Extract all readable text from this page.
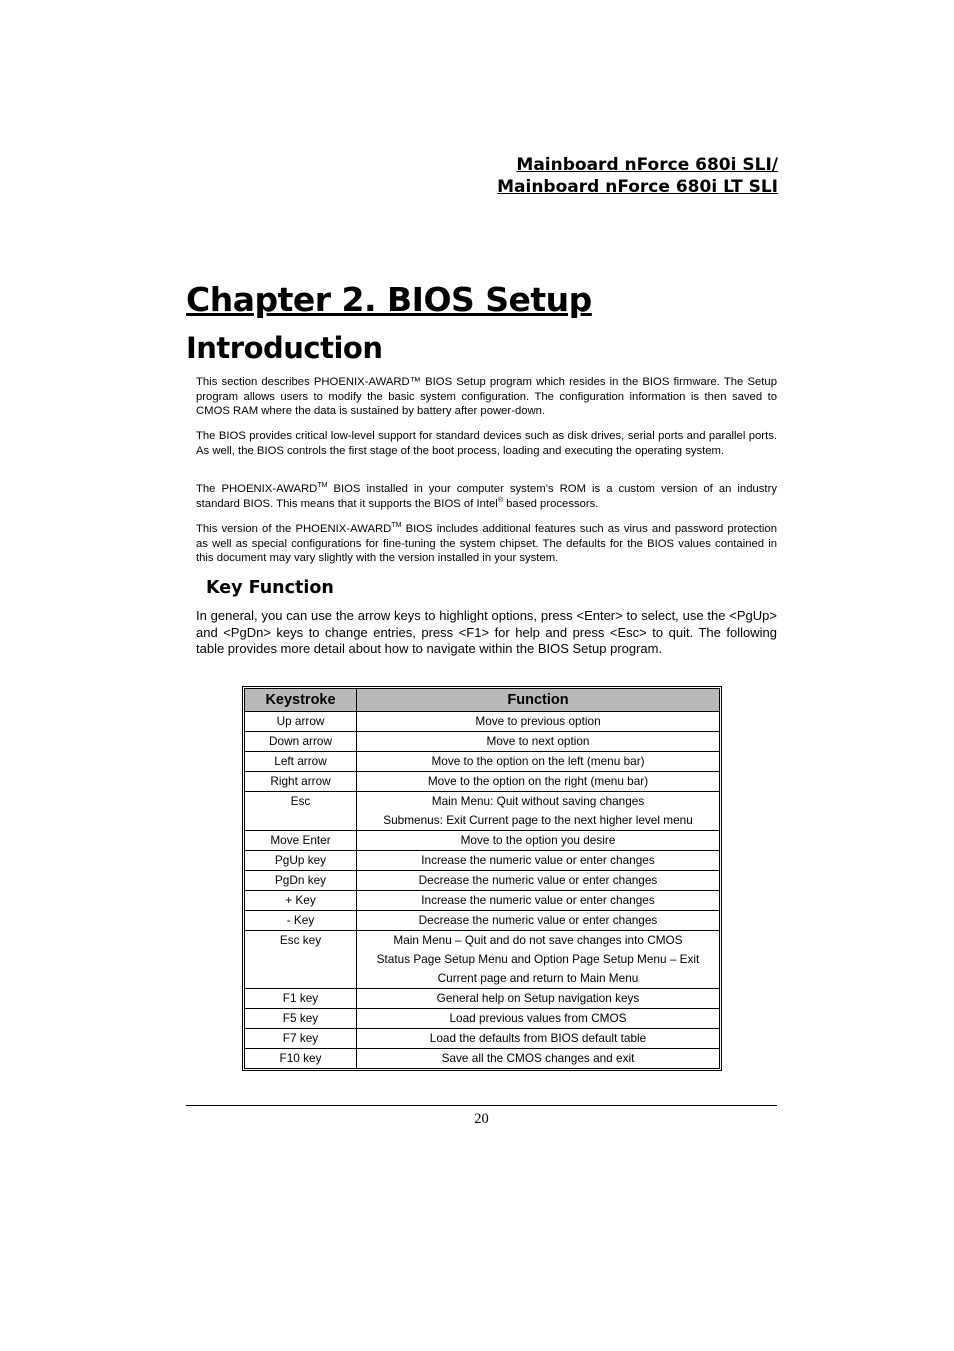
Mainboard nForce 680i SLI/
Mainboard nForce 680i LT SLI
Chapter 2. BIOS Setup
Introduction

This section describes PHOENIX-AWARD™ BIOS Setup program which resides in the BIOS firmware. The Setup program allows users to modify the basic system configuration. The configuration information is then saved to CMOS RAM where the data is sustained by battery after power-down.

The BIOS provides critical low-level support for standard devices such as disk drives, serial ports and parallel ports. As well, the BIOS controls the first stage of the boot process, loading and executing the operating system.

The PHOENIX-AWARD™ BIOS installed in your computer system’s ROM is a custom version of an industry standard BIOS. This means that it supports the BIOS of Intel® based processors.

This version of the PHOENIX-AWARD™ BIOS includes additional features such as virus and password protection as well as special configurations for fine-tuning the system chipset. The defaults for the BIOS values contained in this document may vary slightly with the version installed in your system.

Key Function

In general, you can use the arrow keys to highlight options, press <Enter> to select, use the <PgUp> and <PgDn> keys to change entries, press <F1> for help and press <Esc> to quit. The following table provides more detail about how to navigate within the BIOS Setup program.

Keystroke	Function
Up arrow	Move to previous option

Down arrow	Move to next option

Left arrow	Move to the option on the left (menu bar)

Right arrow	Move to the option on the right (menu bar)

Esc	Main Menu: Quit without saving changes
Submenus: Exit Current page to the next higher level menu

Move Enter	Move to the option you desire

PgUp key	Increase the numeric value or enter changes

PgDn key	Decrease the numeric value or enter changes

+ Key	Increase the numeric value or enter changes

- Key	Decrease the numeric value or enter changes

Esc key	Main Menu – Quit and do not save changes into CMOS
Status Page Setup Menu and Option Page Setup Menu – Exit
Current page and return to Main Menu

F1 key	General help on Setup navigation keys

F5 key	Load previous values from CMOS

F7 key	Load the defaults from BIOS default table

F10 key	Save all the CMOS changes and exit
20
